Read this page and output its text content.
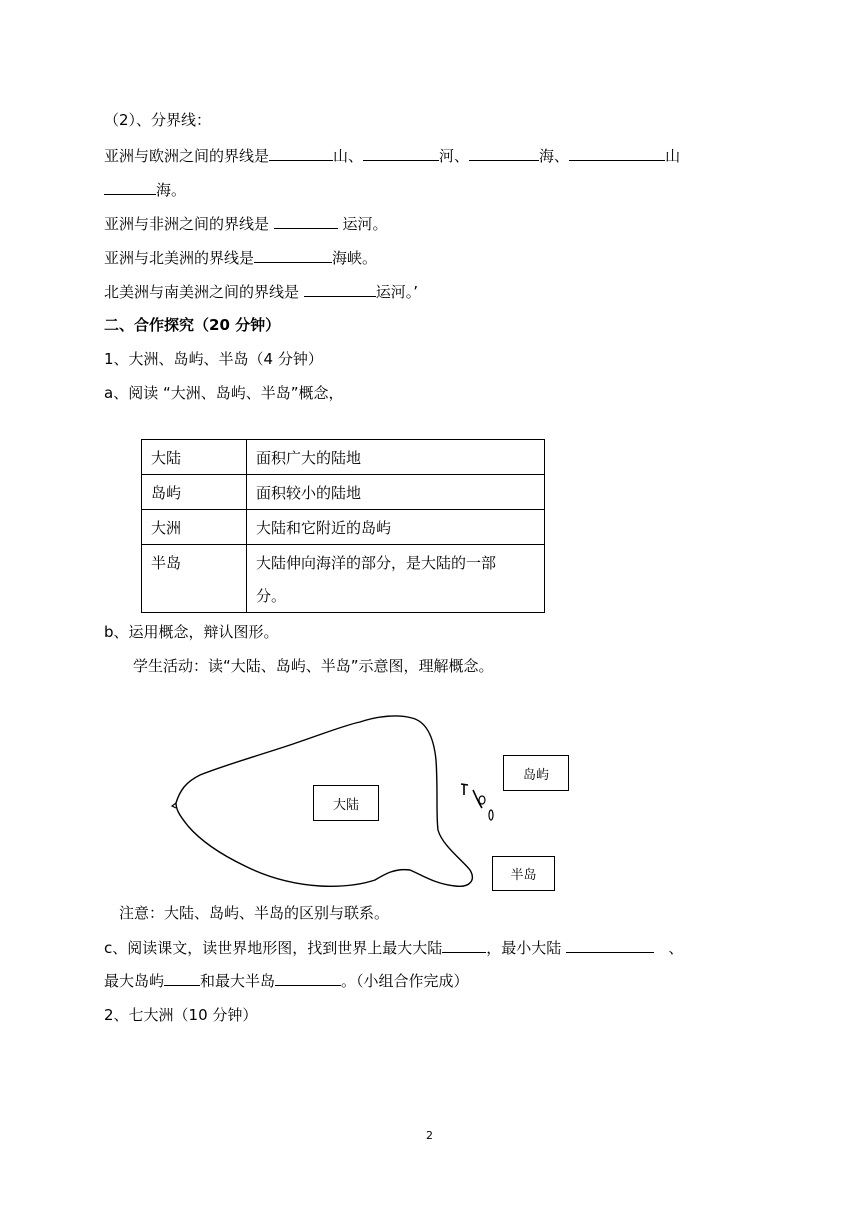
（2）、分界线：
亚洲与欧洲之间的界线是	山、	河、	海、	山
海。
亚洲与非洲之间的界线是	运河。
亚洲与北美洲的界线是	海峡。
北美洲与南美洲之间的界线是	运河。’
二、合作探究（20 分钟）
1、大洲、岛屿、半岛（4 分钟）
a、阅读 “大洲、岛屿、半岛”概念，
大陆	面积广大的陆地
岛屿	面积较小的陆地
大洲	大陆和它附近的岛屿
半岛	大陆伸向海洋的部分，是大陆的一部
分。
b、运用概念，辩认图形。
学生活动：读“大陆、岛屿、半岛”示意图，理解概念。
大陆
岛屿
半岛
注意：大陆、岛屿、半岛的区别与联系。
c、阅读课文，读世界地形图，找到世界上最大大陆	，最小大陆	、
最大岛屿 和最大半岛	。（小组合作完成）
2、七大洲（10 分钟）
2
